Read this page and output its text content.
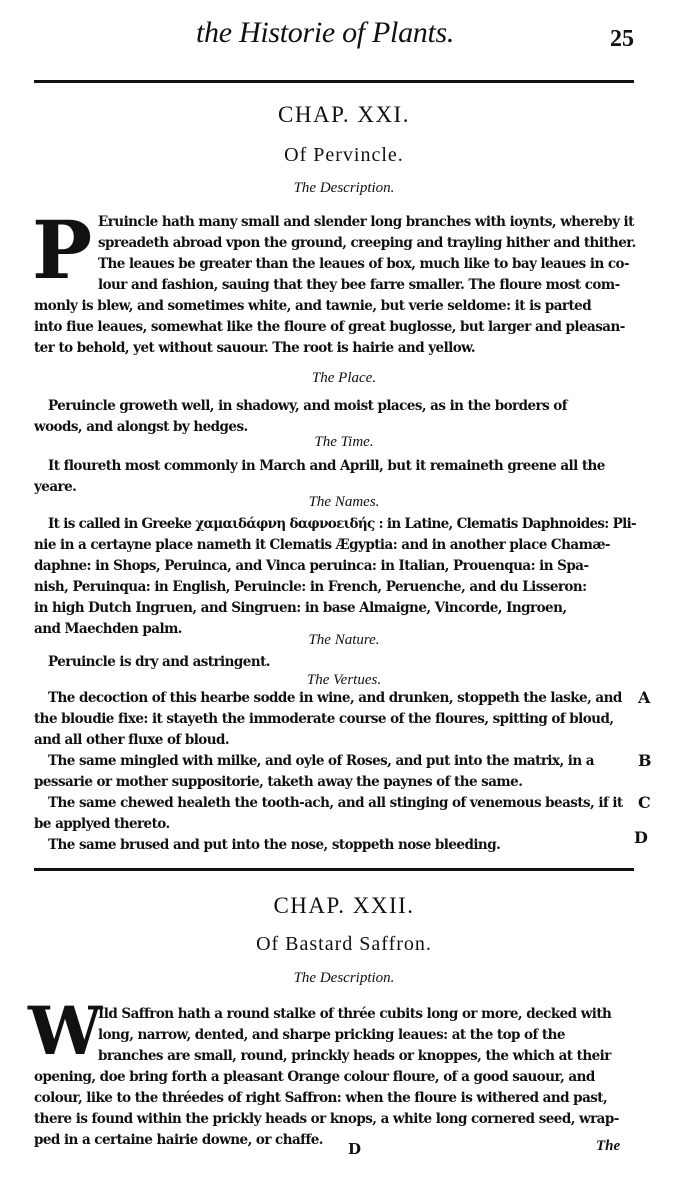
the Historie of Plants.	25
CHAP. XXI.
Of Pervincle.
The Description.
P Eruincle hath many small and slender long branches with ioynts, whereby it
spreadeth abroad vpon the ground, creeping and trayling hither and thither.
The leaues be greater than the leaues of box, much like to bay leaues in co-
lour and fashion, sauing that they bee farre smaller. The floure most com-
monly is blew, and sometimes white, and tawnie, but verie seldome: it is parted
into fiue leaues, somewhat like the floure of great buglosse, but larger and pleasan-
ter to behold, yet without sauour. The root is hairie and yellow.
The Place.
Peruincle groweth well, in shadowy, and moist places, as in the borders of
woods, and alongst by hedges.
The Time.
It floureth most commonly in March and Aprill, but it remaineth greene all the
yeare.
The Names.
It is called in Greeke χαμαιδάφνη δαφνοειδής : in Latine, Clematis Daphnoides: Pli-
nie in a certayne place nameth it Clematis Ægyptia: and in another place Chamæ-
daphne: in Shops, Peruinca, and Vinca peruinca: in Italian, Prouenqua: in Spa-
nish, Peruinqua: in English, Peruincle: in French, Peruenche, and du Lisseron:
in high Dutch Ingruen, and Singruen: in base Almaigne, Vincorde, Ingroen,
and Maechden palm.
The Nature.
Peruincle is dry and astringent.
The Vertues.
The decoction of this hearbe sodde in wine, and drunken, stoppeth the laske, and
the bloudie fixe: it stayeth the immoderate course of the floures, spitting of bloud,
and all other fluxe of bloud.
The same mingled with milke, and oyle of Roses, and put into the matrix, in a
pessarie or mother suppositorie, taketh away the paynes of the same.
The same chewed healeth the tooth-ach, and all stinging of venemous beasts, if it
be applyed thereto.
The same brused and put into the nose, stoppeth nose bleeding.
A
B
C
D
CHAP. XXII.
Of Bastard Saffron.
The Description.
W
Ild Saffron hath a round stalke of thrée cubits long or more, decked with
long, narrow, dented, and sharpe pricking leaues: at the top of the
branches are small, round, princkly heads or knoppes, the which at their
opening, doe bring forth a pleasant Orange colour floure, of a good sauour, and
colour, like to the thréedes of right Saffron: when the floure is withered and past,
there is found within the prickly heads or knops, a white long cornered seed, wrap-
ped in a certaine hairie downe, or chaffe.	D	The
